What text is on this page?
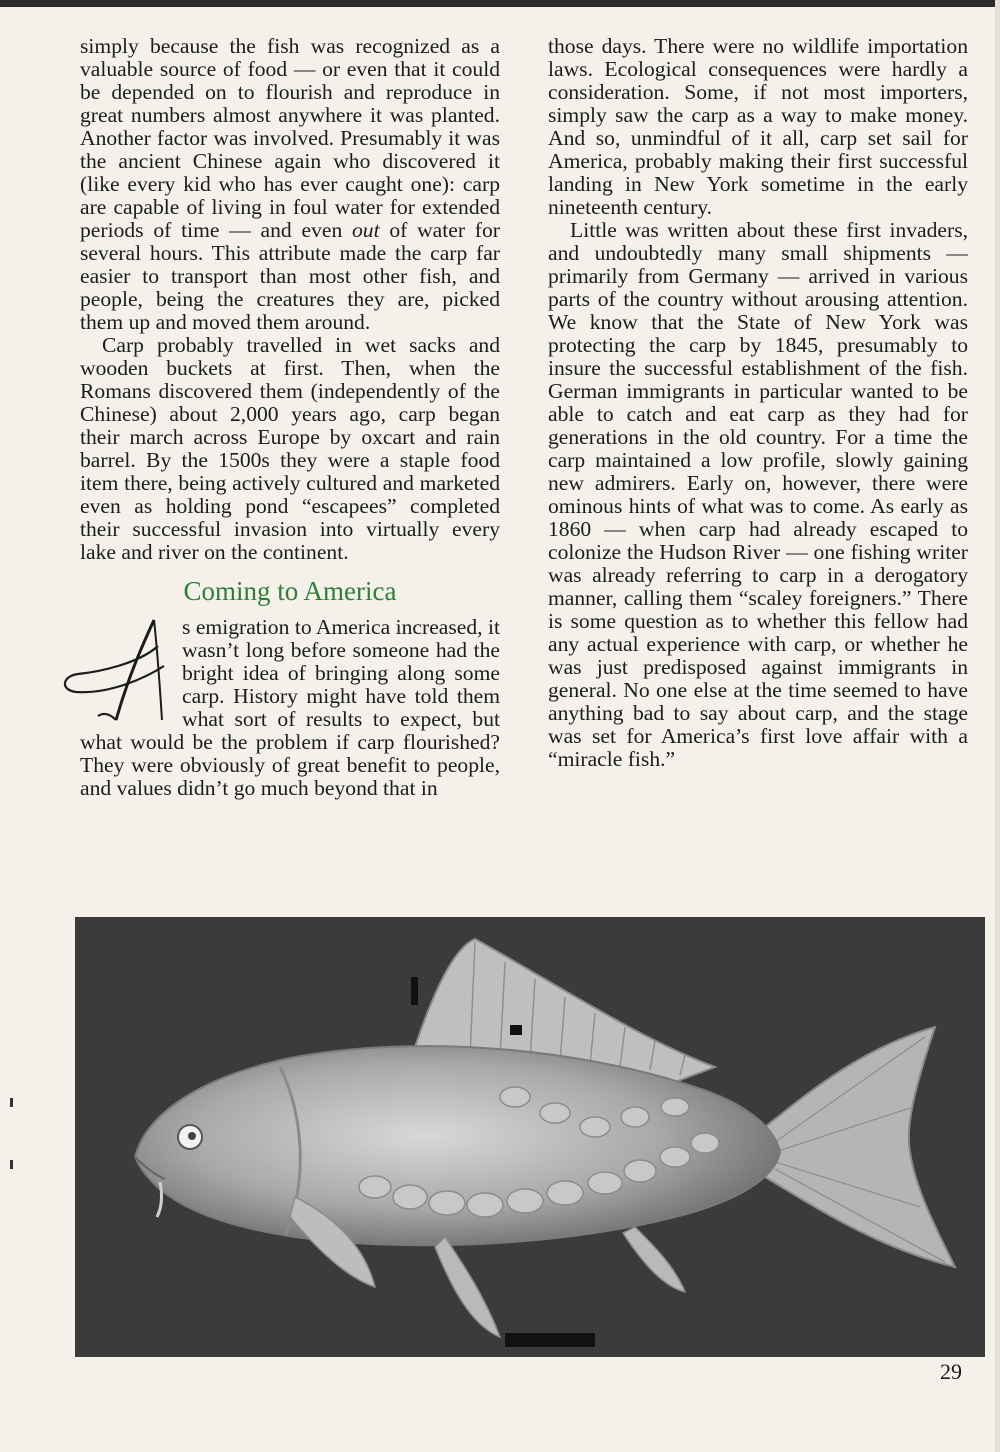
simply because the fish was recognized as a valuable source of food — or even that it could be depended on to flourish and reproduce in great numbers almost anywhere it was planted. Another factor was involved. Presumably it was the ancient Chinese again who discovered it (like every kid who has ever caught one): carp are capable of living in foul water for extended periods of time — and even out of water for several hours. This attribute made the carp far easier to transport than most other fish, and people, being the creatures they are, picked them up and moved them around.

Carp probably travelled in wet sacks and wooden buckets at first. Then, when the Romans discovered them (independently of the Chinese) about 2,000 years ago, carp began their march across Europe by oxcart and rain barrel. By the 1500s they were a staple food item there, being actively cultured and marketed even as holding pond “escapees” completed their successful invasion into virtually every lake and river on the continent.

Coming to America

s emigration to America increased, it wasn’t long before someone had the bright idea of bringing along some carp. History might have told them what sort of results to expect, but what would be the problem if carp flourished? They were obviously of great benefit to people, and values didn’t go much beyond that in

those days. There were no wildlife importation laws. Ecological consequences were hardly a consideration. Some, if not most importers, simply saw the carp as a way to make money. And so, unmindful of it all, carp set sail for America, probably making their first successful landing in New York sometime in the early nineteenth century.

Little was written about these first invaders, and undoubtedly many small shipments — primarily from Germany — arrived in various parts of the country without arousing attention. We know that the State of New York was protecting the carp by 1845, presumably to insure the successful establishment of the fish. German immigrants in particular wanted to be able to catch and eat carp as they had for generations in the old country. For a time the carp maintained a low profile, slowly gaining new admirers. Early on, however, there were ominous hints of what was to come. As early as 1860 — when carp had already escaped to colonize the Hudson River — one fishing writer was already referring to carp in a derogatory manner, calling them “scaley foreigners.” There is some question as to whether this fellow had any actual experience with carp, or whether he was just predisposed against immigrants in general. No one else at the time seemed to have anything bad to say about carp, and the stage was set for America’s first love affair with a “miracle fish.”

29
